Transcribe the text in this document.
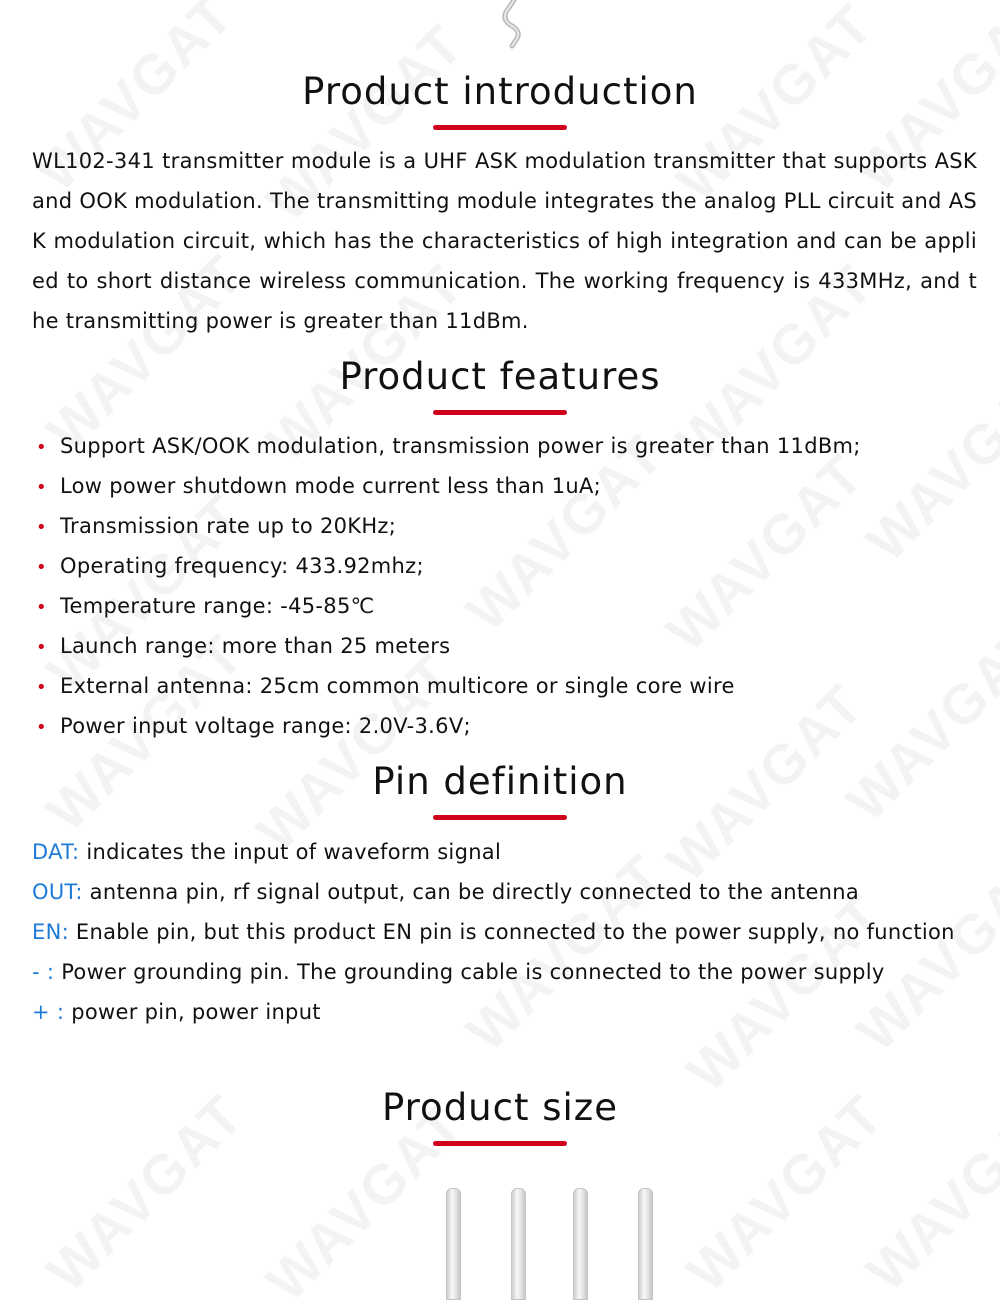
Product introduction

WL102-341 transmitter module is a UHF ASK modulation transmitter that supports ASK and OOK modulation. The transmitting module integrates the analog PLL circuit and ASK modulation circuit, which has the characteristics of high integration and can be applied to short distance wireless communication. The working frequency is 433MHz, and the transmitting power is greater than 11dBm.

Product features
• Support ASK/OOK modulation, transmission power is greater than 11dBm;
• Low power shutdown mode current less than 1uA;
• Transmission rate up to 20KHz;
• Operating frequency: 433.92mhz;
• Temperature range: -45-85℃
• Launch range: more than 25 meters
• External antenna: 25cm common multicore or single core wire
• Power input voltage range: 2.0V-3.6V;
Pin definition
DAT: indicates the input of waveform signal
OUT: antenna pin, rf signal output, can be directly connected to the antenna
EN: Enable pin, but this product EN pin is connected to the power supply, no function
- : Power grounding pin. The grounding cable is connected to the power supply
+ : power pin, power input
Product size
